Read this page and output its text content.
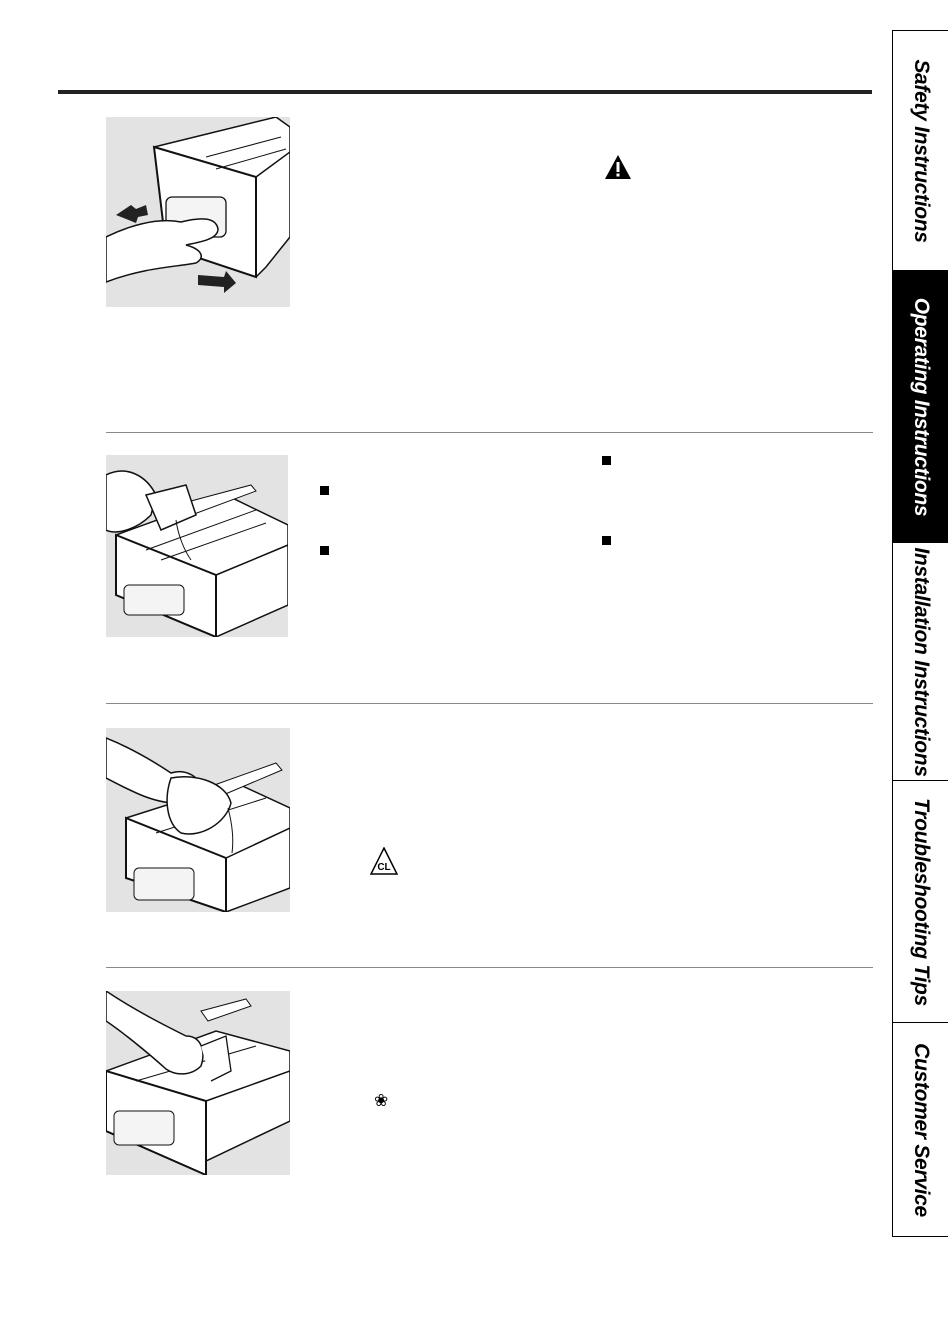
CL
❀
Safety Instructions
Operating Instructions
Installation Instructions
Troubleshooting Tips
Customer Service
